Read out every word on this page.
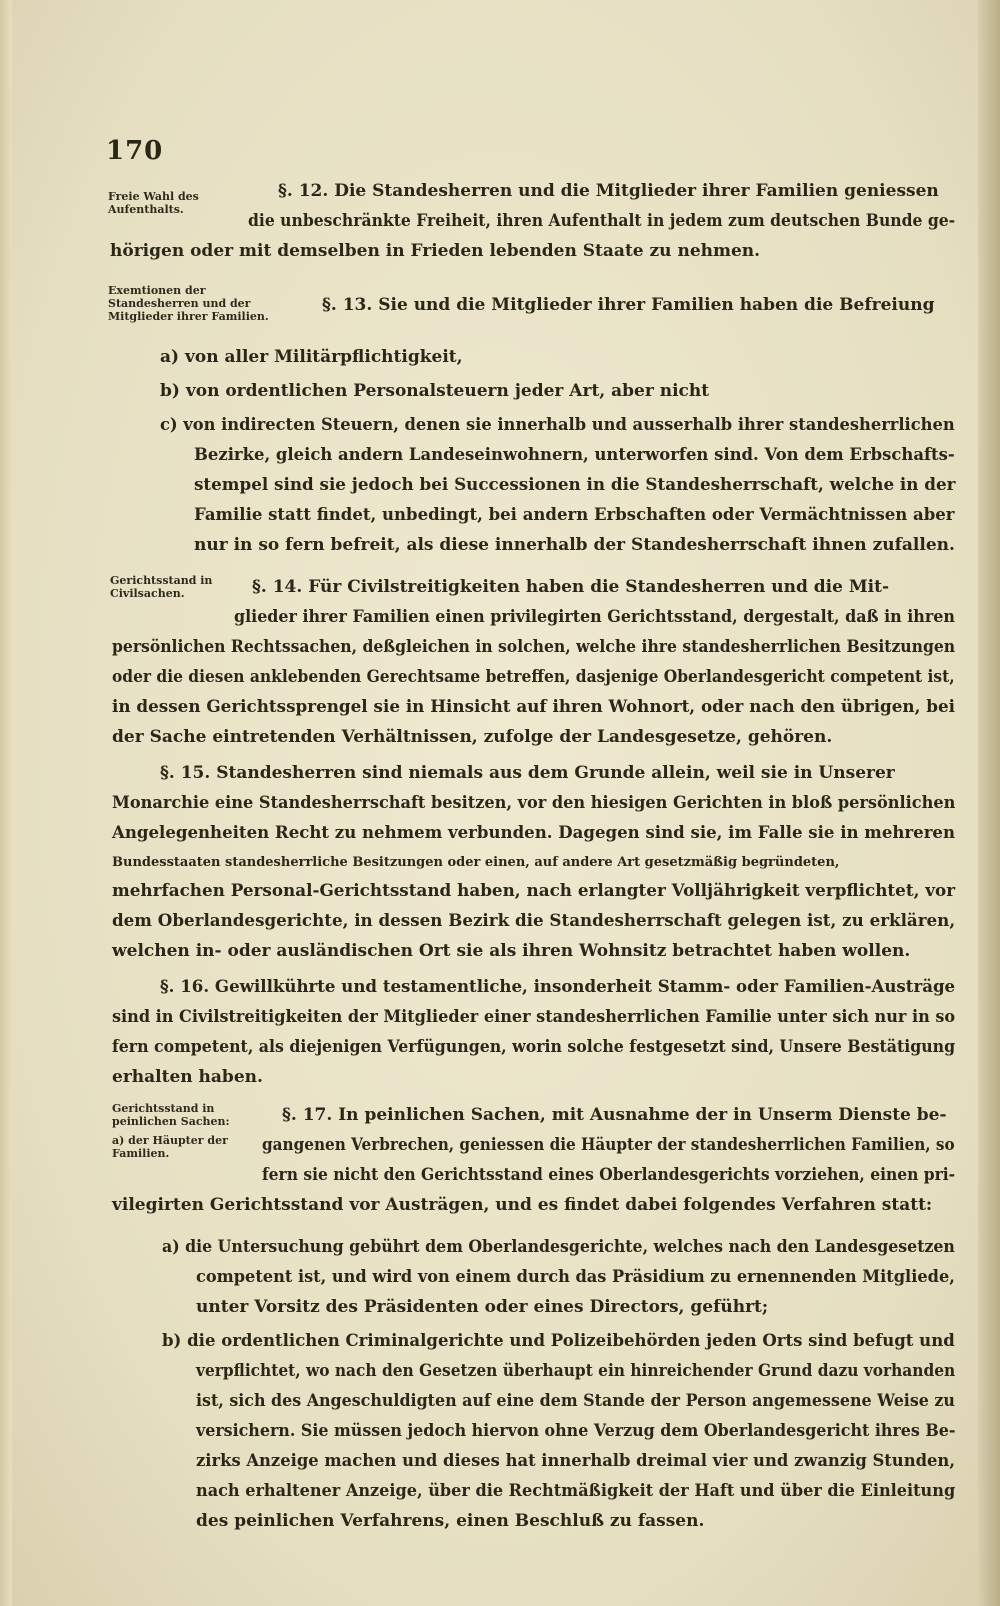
170
Freie Wahl des Aufenthalts.
Exemtionen der Standesherren und der Mitglieder ihrer Familien.
Gerichtsstand in Civilsachen.
Gerichtsstand in peinlichen Sachen:
a) der Häupter der Familien.
§. 12. Die Standesherren und die Mitglieder ihrer Familien geniessen
die unbeschränkte Freiheit, ihren Aufenthalt in jedem zum deutschen Bunde ge-
hörigen oder mit demselben in Frieden lebenden Staate zu nehmen.
§. 13. Sie und die Mitglieder ihrer Familien haben die Befreiung
a) von aller Militärpflichtigkeit,
b) von ordentlichen Personalsteuern jeder Art, aber nicht
c) von indirecten Steuern, denen sie innerhalb und ausserhalb ihrer standesherrlichen
Bezirke, gleich andern Landeseinwohnern, unterworfen sind. Von dem Erbschafts-
stempel sind sie jedoch bei Successionen in die Standesherrschaft, welche in der
Familie statt findet, unbedingt, bei andern Erbschaften oder Vermächtnissen aber
nur in so fern befreit, als diese innerhalb der Standesherrschaft ihnen zufallen.
§. 14. Für Civilstreitigkeiten haben die Standesherren und die Mit-
glieder ihrer Familien einen privilegirten Gerichtsstand, dergestalt, daß in ihren
persönlichen Rechtssachen, deßgleichen in solchen, welche ihre standesherrlichen Besitzungen
oder die diesen anklebenden Gerechtsame betreffen, dasjenige Oberlandesgericht competent ist,
in dessen Gerichtssprengel sie in Hinsicht auf ihren Wohnort, oder nach den übrigen, bei
der Sache eintretenden Verhältnissen, zufolge der Landesgesetze, gehören.
§. 15. Standesherren sind niemals aus dem Grunde allein, weil sie in Unserer
Monarchie eine Standesherrschaft besitzen, vor den hiesigen Gerichten in bloß persönlichen
Angelegenheiten Recht zu nehmem verbunden. Dagegen sind sie, im Falle sie in mehreren
Bundesstaaten standesherrliche Besitzungen oder einen, auf andere Art gesetzmäßig begründeten,
mehrfachen Personal-Gerichtsstand haben, nach erlangter Volljährigkeit verpflichtet, vor
dem Oberlandesgerichte, in dessen Bezirk die Standesherrschaft gelegen ist, zu erklären,
welchen in- oder ausländischen Ort sie als ihren Wohnsitz betrachtet haben wollen.
§. 16. Gewillkührte und testamentliche, insonderheit Stamm- oder Familien-Austräge
sind in Civilstreitigkeiten der Mitglieder einer standesherrlichen Familie unter sich nur in so
fern competent, als diejenigen Verfügungen, worin solche festgesetzt sind, Unsere Bestätigung
erhalten haben.
§. 17. In peinlichen Sachen, mit Ausnahme der in Unserm Dienste be-
gangenen Verbrechen, geniessen die Häupter der standesherrlichen Familien, so
fern sie nicht den Gerichtsstand eines Oberlandesgerichts vorziehen, einen pri-
vilegirten Gerichtsstand vor Austrägen, und es findet dabei folgendes Verfahren statt:
a) die Untersuchung gebührt dem Oberlandesgerichte, welches nach den Landesgesetzen
competent ist, und wird von einem durch das Präsidium zu ernennenden Mitgliede,
unter Vorsitz des Präsidenten oder eines Directors, geführt;
b) die ordentlichen Criminalgerichte und Polizeibehörden jeden Orts sind befugt und
verpflichtet, wo nach den Gesetzen überhaupt ein hinreichender Grund dazu vorhanden
ist, sich des Angeschuldigten auf eine dem Stande der Person angemessene Weise zu
versichern. Sie müssen jedoch hiervon ohne Verzug dem Oberlandesgericht ihres Be-
zirks Anzeige machen und dieses hat innerhalb dreimal vier und zwanzig Stunden,
nach erhaltener Anzeige, über die Rechtmäßigkeit der Haft und über die Einleitung
des peinlichen Verfahrens, einen Beschluß zu fassen.
